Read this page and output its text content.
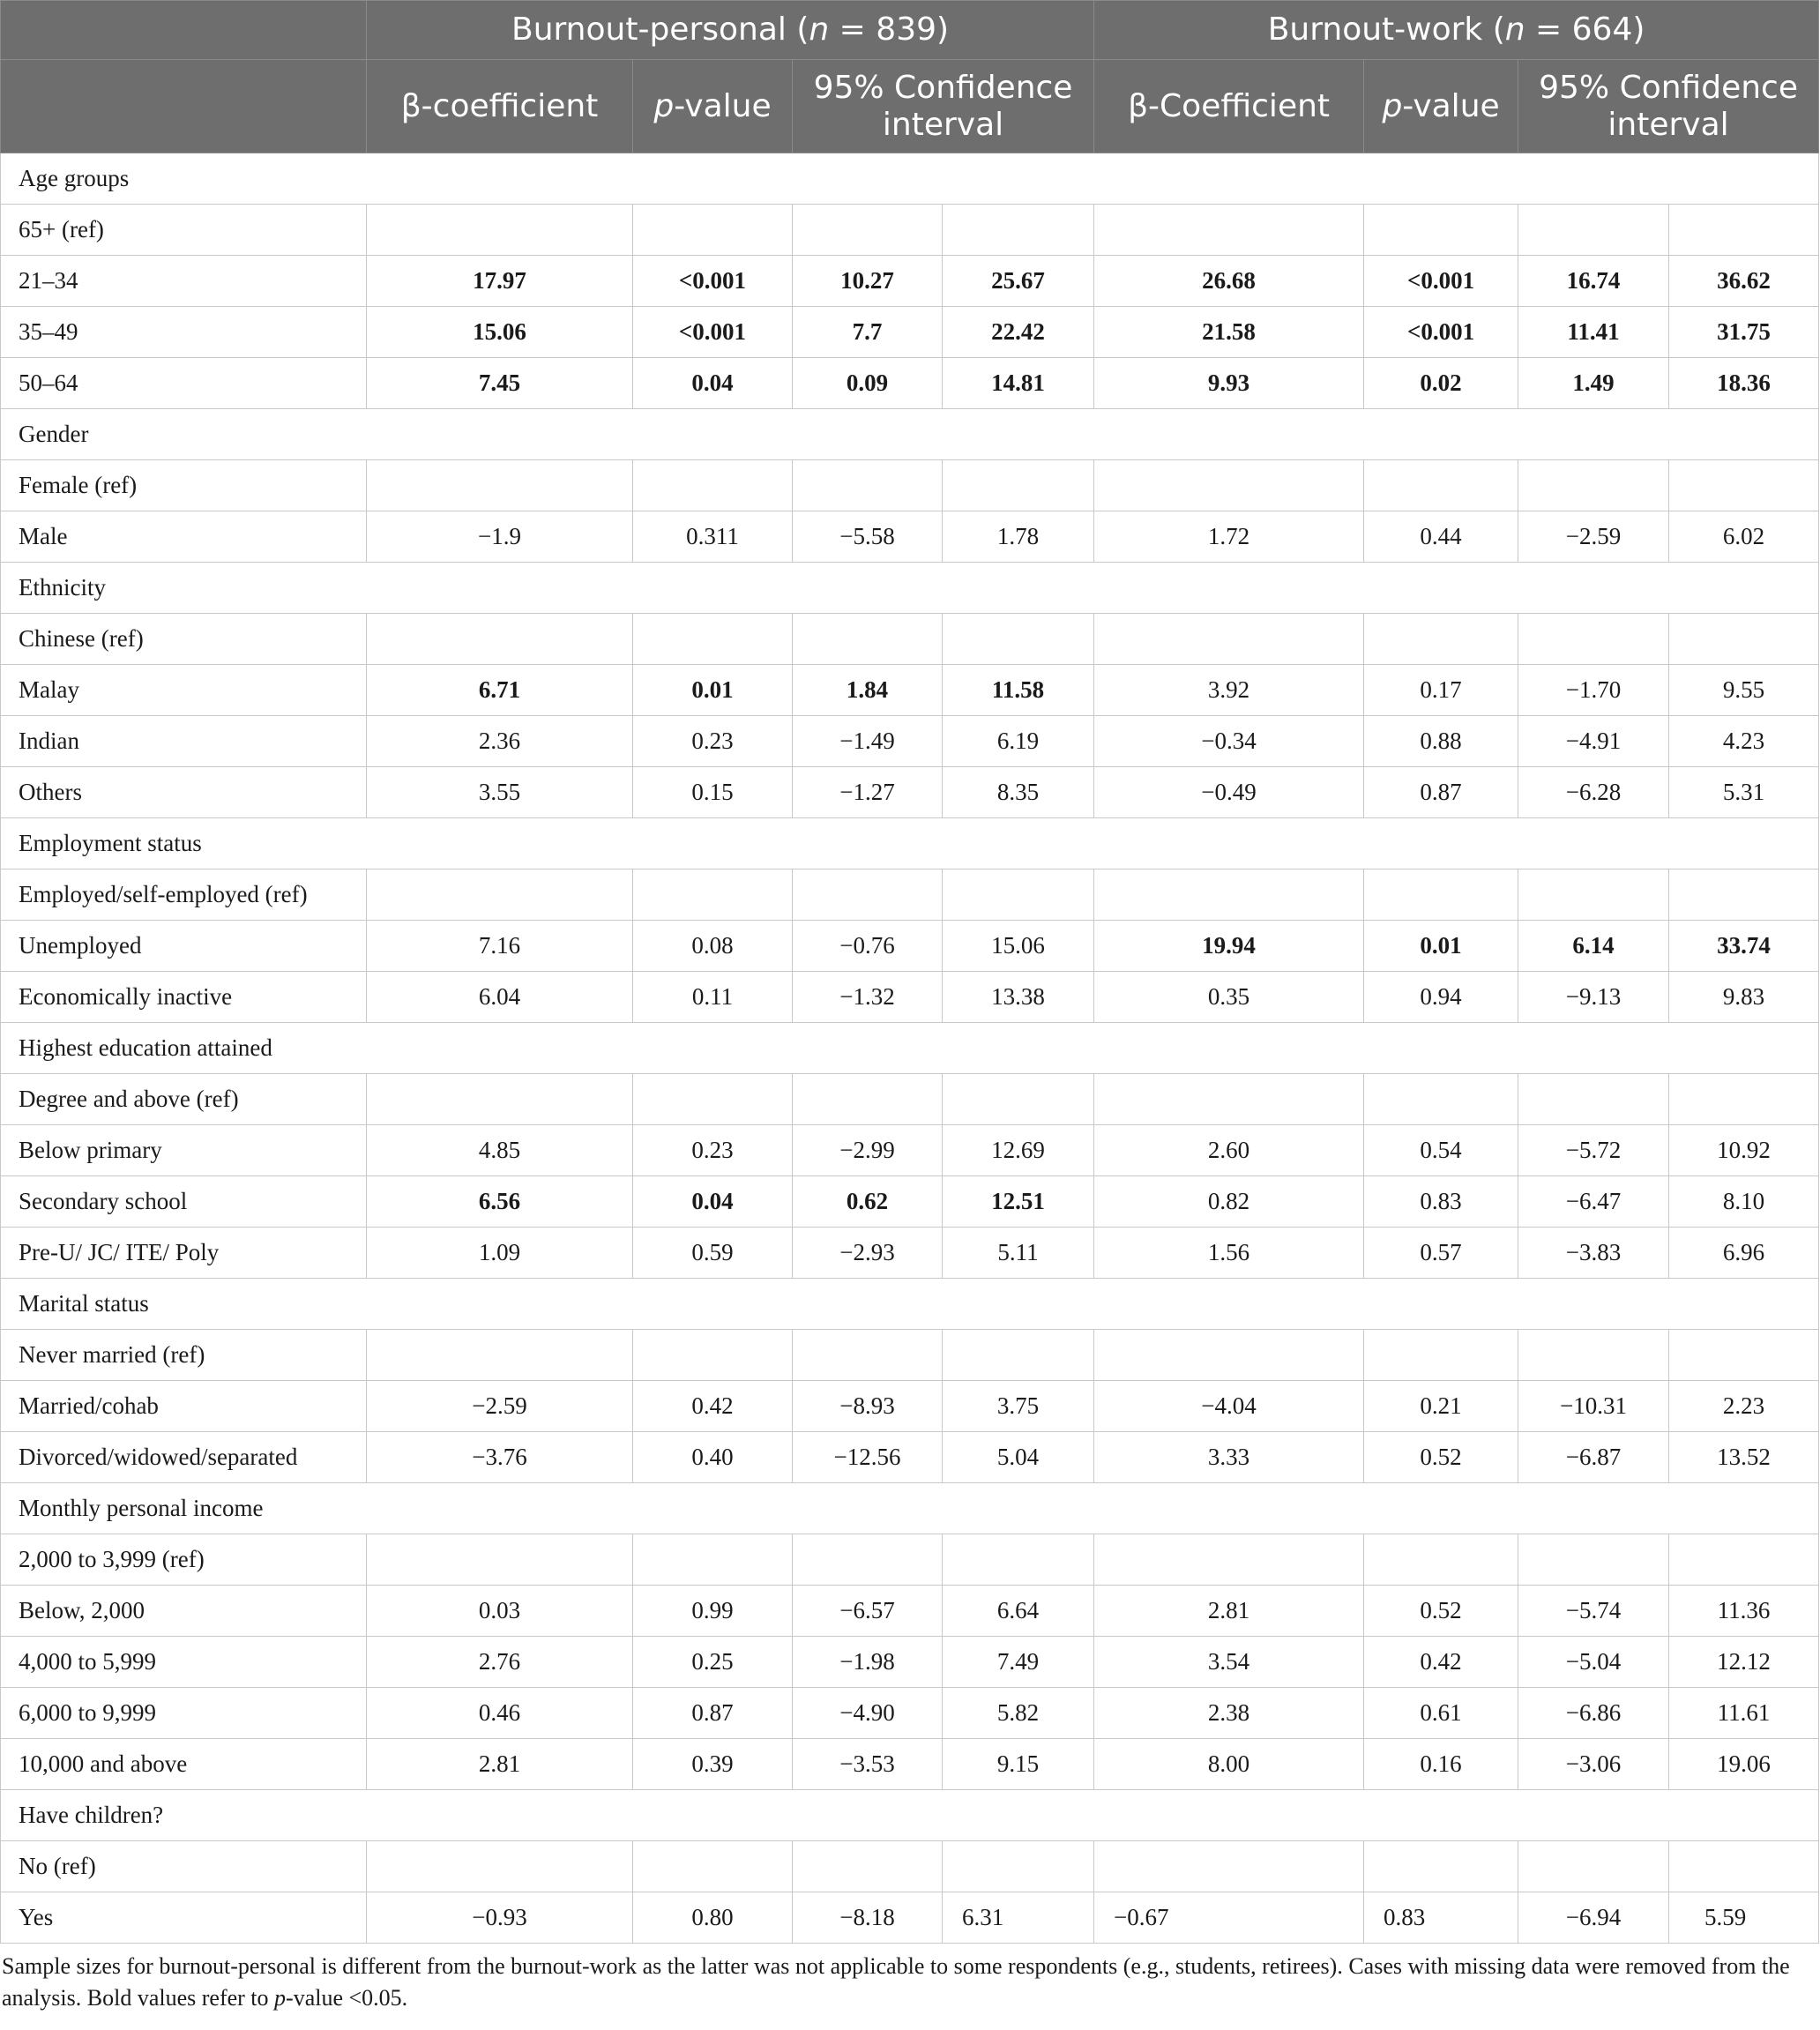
	Burnout-personal (n = 839)				Burnout-work (n = 664)			
	β-coefficient	p-value	95% Confidence interval		β-Coefficient	p-value	95% Confidence interval	
Age groups								
65+ (ref)								
21–34	17.97	<0.001	10.27	25.67	26.68	<0.001	16.74	36.62
35–49	15.06	<0.001	7.7	22.42	21.58	<0.001	11.41	31.75
50–64	7.45	0.04	0.09	14.81	9.93	0.02	1.49	18.36
Gender								
Female (ref)								
Male	−1.9	0.311	−5.58	1.78	1.72	0.44	−2.59	6.02
Ethnicity								
Chinese (ref)								
Malay	6.71	0.01	1.84	11.58	3.92	0.17	−1.70	9.55
Indian	2.36	0.23	−1.49	6.19	−0.34	0.88	−4.91	4.23
Others	3.55	0.15	−1.27	8.35	−0.49	0.87	−6.28	5.31
Employment status								
Employed/self-employed (ref)								
Unemployed	7.16	0.08	−0.76	15.06	19.94	0.01	6.14	33.74
Economically inactive	6.04	0.11	−1.32	13.38	0.35	0.94	−9.13	9.83
Highest education attained								
Degree and above (ref)								
Below primary	4.85	0.23	−2.99	12.69	2.60	0.54	−5.72	10.92
Secondary school	6.56	0.04	0.62	12.51	0.82	0.83	−6.47	8.10
Pre-U/ JC/ ITE/ Poly	1.09	0.59	−2.93	5.11	1.56	0.57	−3.83	6.96
Marital status								
Never married (ref)								
Married/cohab	−2.59	0.42	−8.93	3.75	−4.04	0.21	−10.31	2.23
Divorced/widowed/separated	−3.76	0.40	−12.56	5.04	3.33	0.52	−6.87	13.52
Monthly personal income								
2,000 to 3,999 (ref)								
Below, 2,000	0.03	0.99	−6.57	6.64	2.81	0.52	−5.74	11.36
4,000 to 5,999	2.76	0.25	−1.98	7.49	3.54	0.42	−5.04	12.12
6,000 to 9,999	0.46	0.87	−4.90	5.82	2.38	0.61	−6.86	11.61
10,000 and above	2.81	0.39	−3.53	9.15	8.00	0.16	−3.06	19.06
Have children?								
No (ref)								
Yes	−0.93	0.80	−8.18	6.31	−0.67	0.83	−6.94	5.59
Sample sizes for burnout-personal is different from the burnout-work as the latter was not applicable to some respondents (e.g., students, retirees). Cases with missing data were removed from the analysis. Bold values refer to p-value <0.05.
